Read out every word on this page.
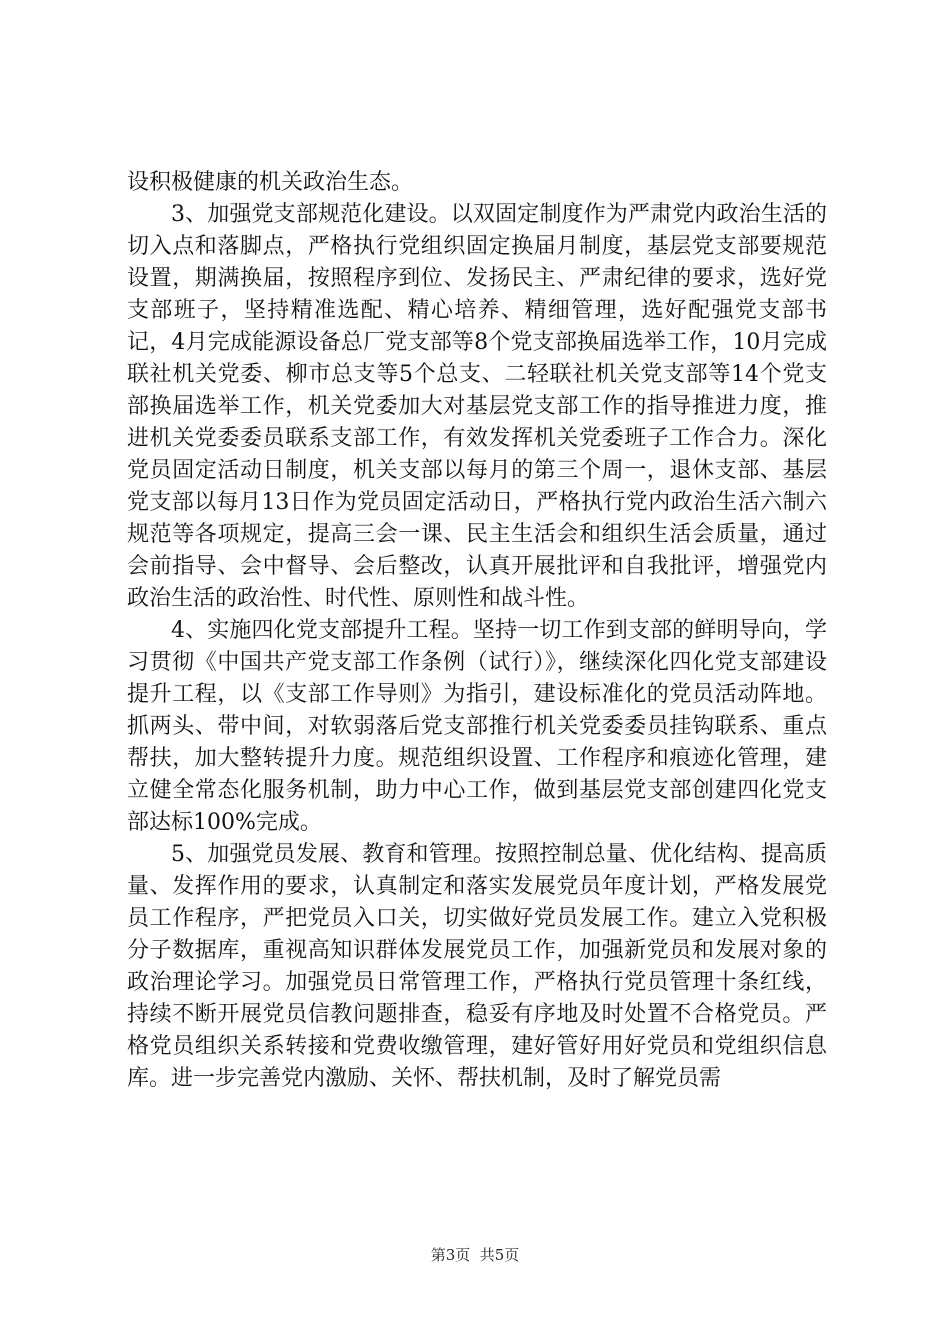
设积极健康的机关政治生态。

3、加强党支部规范化建设。以双固定制度作为严肃党内政治生活的切入点和落脚点，严格执行党组织固定换届月制度，基层党支部要规范设置，期满换届，按照程序到位、发扬民主、严肃纪律的要求，选好党支部班子，坚持精准选配、精心培养、精细管理，选好配强党支部书记，4月完成能源设备总厂党支部等8个党支部换届选举工作，10月完成联社机关党委、柳市总支等5个总支、二轻联社机关党支部等14个党支部换届选举工作，机关党委加大对基层党支部工作的指导推进力度，推进机关党委委员联系支部工作，有效发挥机关党委班子工作合力。深化党员固定活动日制度，机关支部以每月的第三个周一，退休支部、基层党支部以每月13日作为党员固定活动日，严格执行党内政治生活六制六规范等各项规定，提高三会一课、民主生活会和组织生活会质量，通过会前指导、会中督导、会后整改，认真开展批评和自我批评，增强党内政治生活的政治性、时代性、原则性和战斗性。

4、实施四化党支部提升工程。坚持一切工作到支部的鲜明导向，学习贯彻《中国共产党支部工作条例（试行）》，继续深化四化党支部建设提升工程，以《支部工作导则》为指引，建设标准化的党员活动阵地。抓两头、带中间，对软弱落后党支部推行机关党委委员挂钩联系、重点帮扶，加大整转提升力度。规范组织设置、工作程序和痕迹化管理，建立健全常态化服务机制，助力中心工作，做到基层党支部创建四化党支部达标100%完成。

5、加强党员发展、教育和管理。按照控制总量、优化结构、提高质量、发挥作用的要求，认真制定和落实发展党员年度计划，严格发展党员工作程序，严把党员入口关，切实做好党员发展工作。建立入党积极分子数据库，重视高知识群体发展党员工作，加强新党员和发展对象的政治理论学习。加强党员日常管理工作，严格执行党员管理十条红线，持续不断开展党员信教问题排查，稳妥有序地及时处置不合格党员。严格党员组织关系转接和党费收缴管理，建好管好用好党员和党组织信息库。进一步完善党内激励、关怀、帮扶机制，及时了解党员需

第3页  共5页
